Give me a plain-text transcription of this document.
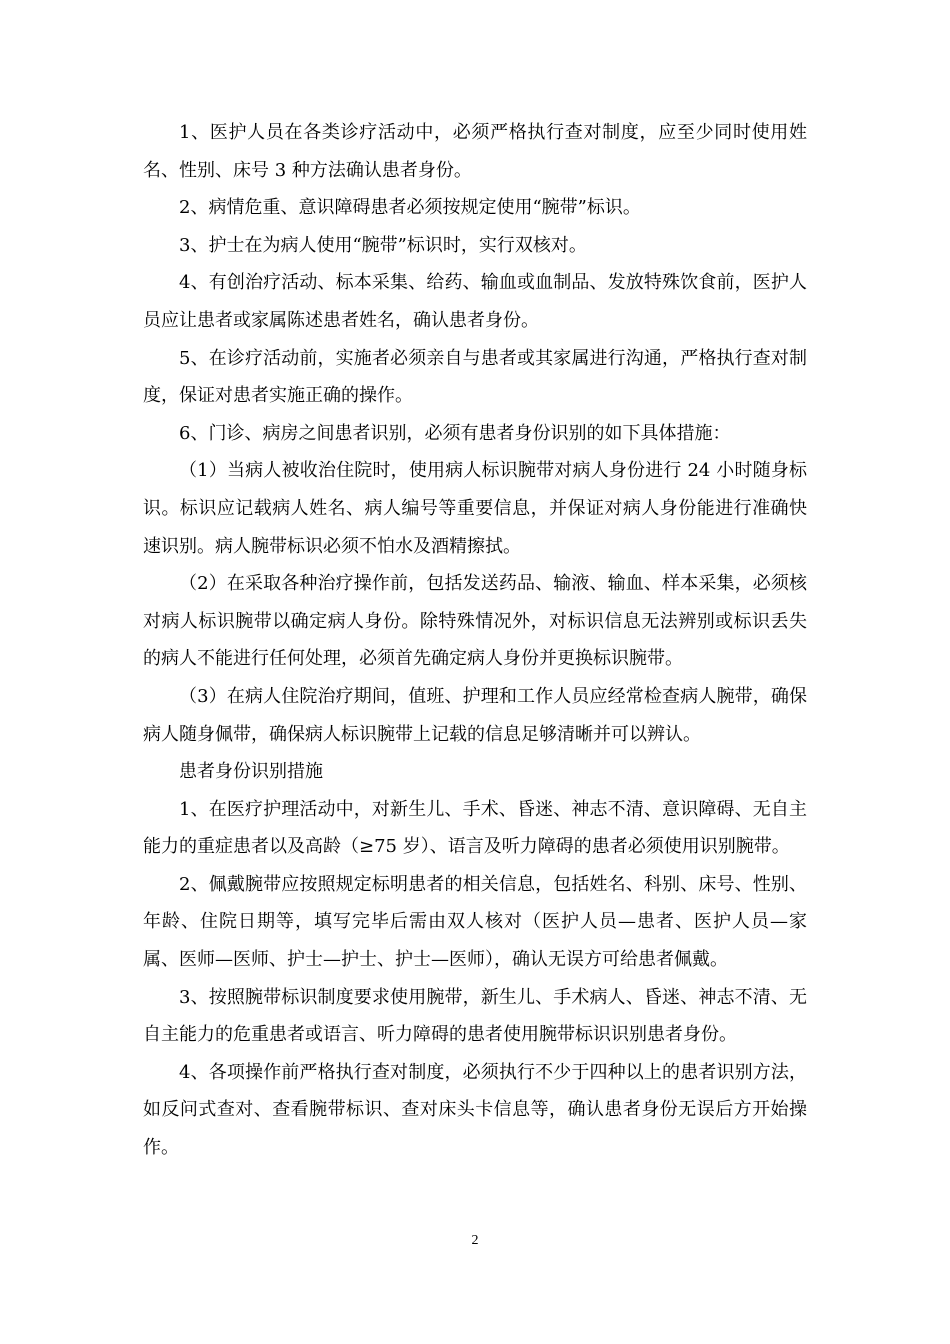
1、医护人员在各类诊疗活动中，必须严格执行查对制度，应至少同时使用姓名、性别、床号 3 种方法确认患者身份。

2、病情危重、意识障碍患者必须按规定使用“腕带”标识。

3、护士在为病人使用“腕带”标识时，实行双核对。

4、有创治疗活动、标本采集、给药、输血或血制品、发放特殊饮食前，医护人员应让患者或家属陈述患者姓名，确认患者身份。

5、在诊疗活动前，实施者必须亲自与患者或其家属进行沟通，严格执行查对制度，保证对患者实施正确的操作。

6、门诊、病房之间患者识别，必须有患者身份识别的如下具体措施：

（1）当病人被收治住院时，使用病人标识腕带对病人身份进行 24 小时随身标识。标识应记载病人姓名、病人编号等重要信息，并保证对病人身份能进行准确快速识别。病人腕带标识必须不怕水及酒精擦拭。

（2）在采取各种治疗操作前，包括发送药品、输液、输血、样本采集，必须核对病人标识腕带以确定病人身份。除特殊情况外，对标识信息无法辨别或标识丢失的病人不能进行任何处理，必须首先确定病人身份并更换标识腕带。

（3）在病人住院治疗期间，值班、护理和工作人员应经常检查病人腕带，确保病人随身佩带，确保病人标识腕带上记载的信息足够清晰并可以辨认。

患者身份识别措施

1、在医疗护理活动中，对新生儿、手术、昏迷、神志不清、意识障碍、无自主能力的重症患者以及高龄（≥75 岁）、语言及听力障碍的患者必须使用识别腕带。

2、佩戴腕带应按照规定标明患者的相关信息，包括姓名、科别、床号、性别、年龄、住院日期等，填写完毕后需由双人核对（医护人员—患者、医护人员—家属、医师—医师、护士—护士、护士—医师），确认无误方可给患者佩戴。

3、按照腕带标识制度要求使用腕带，新生儿、手术病人、昏迷、神志不清、无自主能力的危重患者或语言、听力障碍的患者使用腕带标识识别患者身份。

4、各项操作前严格执行查对制度，必须执行不少于四种以上的患者识别方法，如反问式查对、查看腕带标识、查对床头卡信息等，确认患者身份无误后方开始操作。

2
